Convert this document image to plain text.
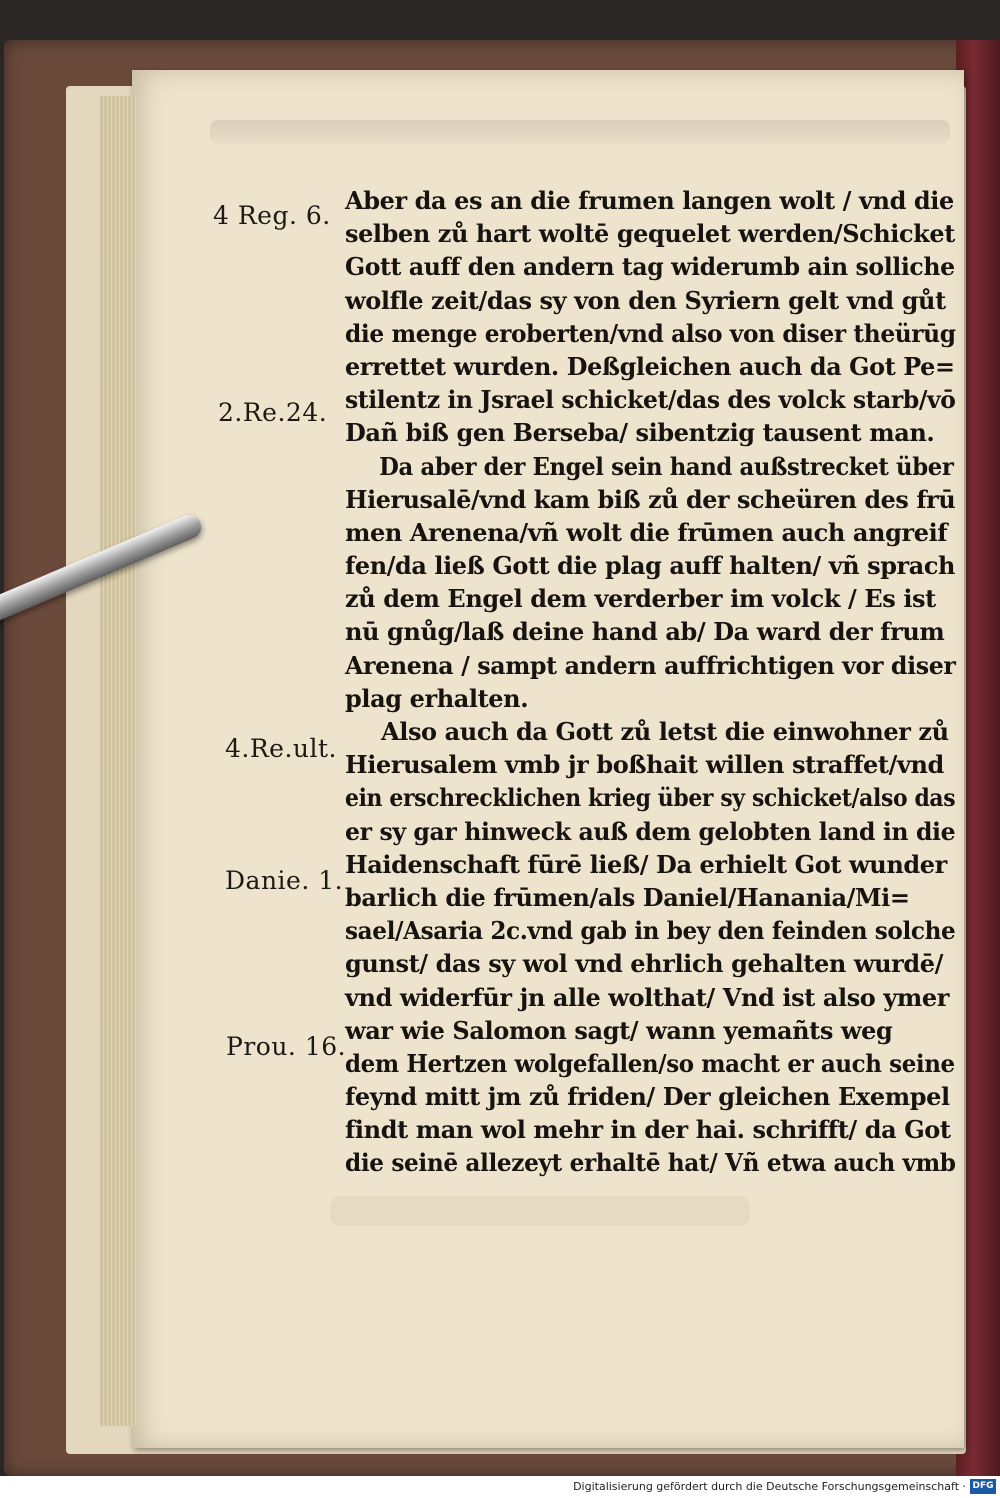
4 Reg. 6.
2.Re.24.
4.Re.ult.
Danie. 1.
Prou. 16.
Aber da es an die frumen langen wolt / vnd die
selben zů hart woltē gequelet werden/Schicket
Gott auff den andern tag widerumb ain solliche
wolfle zeit/das sy von den Syriern gelt vnd gůt
die menge eroberten/vnd also von diser theürūg
errettet wurden. Deßgleichen auch da Got Pe=
stilentz in Jsrael schicket/das des volck starb/vō
Dañ biß gen Berseba/ sibentzig tausent man.
Da aber der Engel sein hand außstrecket über
Hierusalē/vnd kam biß zů der scheüren des frū
men Arenena/vñ wolt die frūmen auch angreif
fen/da ließ Gott die plag auff halten/ vñ sprach
zů dem Engel dem verderber im volck / Es ist
nū gnůg/laß deine hand ab/ Da ward der frum
Arenena / sampt andern auffrichtigen vor diser
plag erhalten.
Also auch da Gott zů letst die einwohner zů
Hierusalem vmb jr boßhait willen straffet/vnd
ein erschrecklichen krieg über sy schicket/also das
er sy gar hinweck auß dem gelobten land in die
Haidenschaft fūrē ließ/ Da erhielt Got wunder
barlich die frūmen/als Daniel/Hanania/Mi=
sael/Asaria 2c.vnd gab in bey den feinden solche
gunst/ das sy wol vnd ehrlich gehalten wurdē/
vnd widerfūr jn alle wolthat/ Vnd ist also ymer
war wie Salomon sagt/ wann yemañts weg
dem Hertzen wolgefallen/so macht er auch seine
feynd mitt jm zů friden/ Der gleichen Exempel
findt man wol mehr in der hai. schrifft/ da Got
die seinē allezeyt erhaltē hat/ Vñ etwa auch vmb
Digitalisierung gefördert durch die Deutsche Forschungsgemeinschaft · DFG
